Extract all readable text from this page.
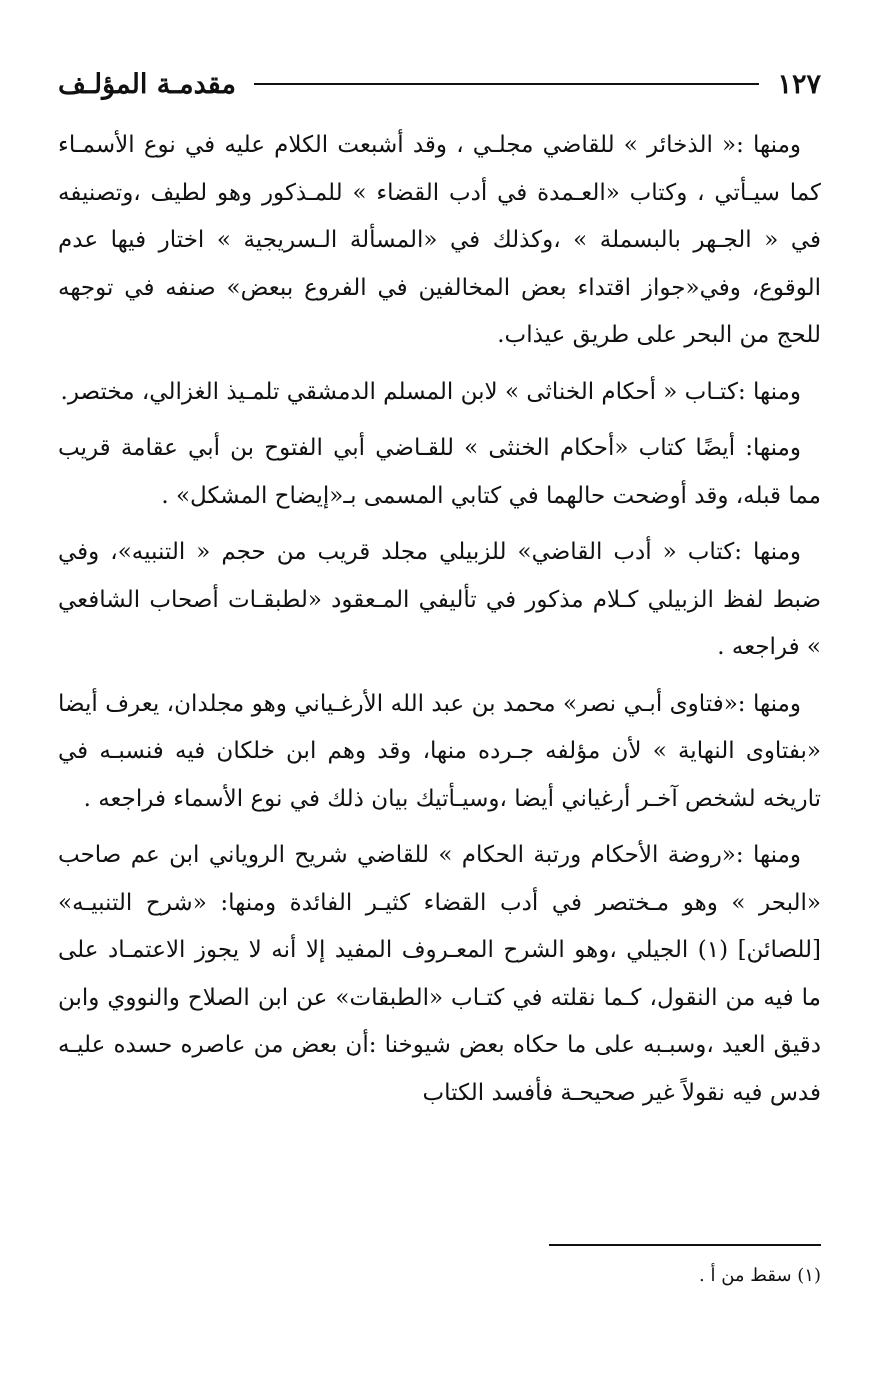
مقدمـة المؤلـف	١٢٧

ومنها :« الذخائر » للقاضي مجلـي ، وقد أشبعت الكلام عليه في نوع الأسمـاء كما سيـأتي ، وكتاب «العـمدة في أدب القضاء » للمـذكور وهو لطيف ،وتصنيفه في « الجـهر بالبسملة » ،وكذلك في «المسألة الـسريجية » اختار فيها عدم الوقوع، وفي«جواز اقتداء بعض المخالفين في الفروع ببعض» صنفه في توجهه للحج من البحر على طريق عيذاب.

ومنها :كتـاب « أحكام الخناثى » لابن المسلم الدمشقي تلمـيذ الغزالي، مختصر.

ومنها: أيضًا كتاب «أحكام الخنثى » للقـاضي أبي الفتوح بن أبي عقامة قريب مما قبله، وقد أوضحت حالهما في كتابي المسمى بـ«إيضاح المشكل» .

ومنها :كتاب « أدب القاضي» للزبيلي مجلد قريب من حجم « التنبيه»، وفي ضبط لفظ الزبيلي كـلام مذكور في تأليفي المـعقود «لطبقـات أصحاب الشافعي » فراجعه .

ومنها :«فتاوى أبـي نصر» محمد بن عبد الله الأرغـياني وهو مجلدان، يعرف أيضا «بفتاوى النهاية » لأن مؤلفه جـرده منها، وقد وهم ابن خلكان فيه فنسبـه في تاريخه لشخص آخـر أرغياني أيضا ،وسيـأتيك بيان ذلك في نوع الأسماء فراجعه .

ومنها :«روضة الأحكام ورتبة الحكام » للقاضي شريح الروياني ابن عم صاحب «البحر » وهو مـختصر في أدب القضاء كثيـر الفائدة ومنها: «شرح التنبيـه» [للصائن] (١) الجيلي ،وهو الشرح المعـروف المفيد إلا أنه لا يجوز الاعتمـاد على ما فيه من النقول، كـما نقلته في كتـاب «الطبقات» عن ابن الصلاح والنووي وابن دقيق العيد ،وسبـبه على ما حكاه بعض شيوخنا :أن بعض من عاصره حسده عليـه فدس فيه نقولاً غير صحيحـة فأفسد الكتاب

(١) سقط من أ .
